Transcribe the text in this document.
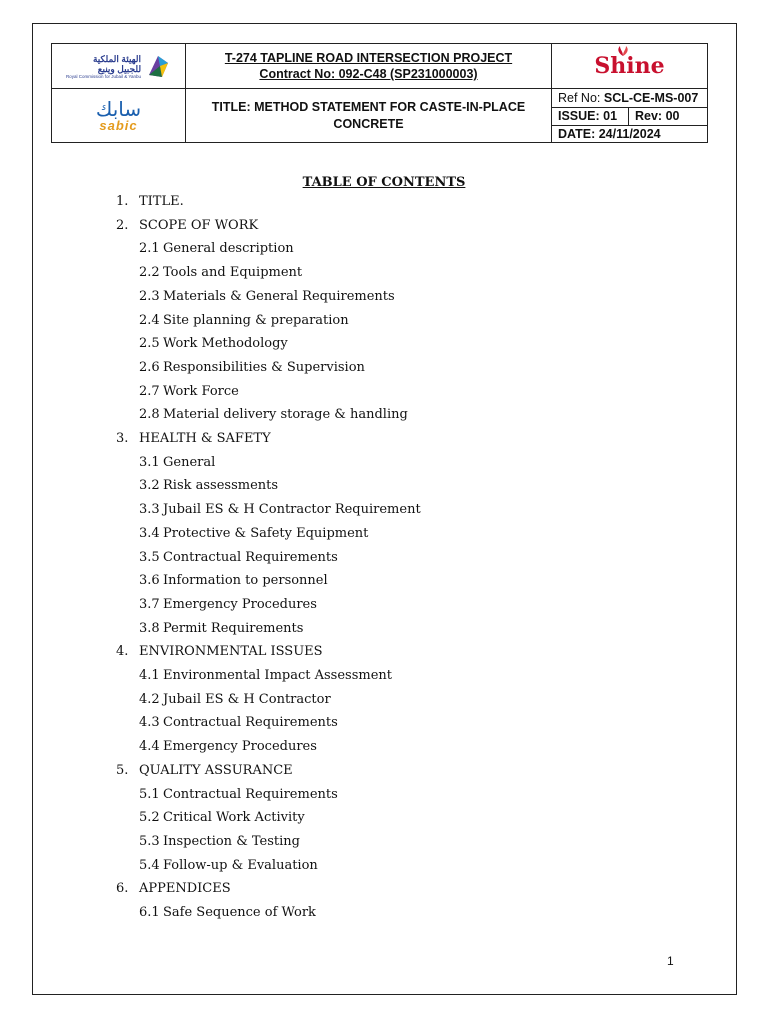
الهيئة الملكية
للجبيل وينبع
Royal Commission for Jubail & Yanbu

T-274 TAPLINE ROAD INTERSECTION PROJECT
Contract No: 092-C48 (SP231000003)	Shine

سابك
sabic
	TITLE: METHOD STATEMENT FOR CASTE-IN-PLACE CONCRETE	
Ref No: SCL-CE-MS-007
ISSUE: 01	Rev: 00
DATE: 24/11/2024
TABLE OF CONTENTS
1. TITLE.
2. SCOPE OF WORK
2.1 General description
2.2 Tools and Equipment
2.3 Materials & General Requirements
2.4 Site planning & preparation
2.5 Work Methodology
2.6 Responsibilities & Supervision
2.7 Work Force
2.8 Material delivery storage & handling
3. HEALTH & SAFETY
3.1 General
3.2 Risk assessments
3.3 Jubail ES & H Contractor Requirement
3.4 Protective & Safety Equipment
3.5 Contractual Requirements
3.6 Information to personnel
3.7 Emergency Procedures
3.8 Permit Requirements
4. ENVIRONMENTAL ISSUES
4.1 Environmental Impact Assessment
4.2 Jubail ES & H Contractor
4.3 Contractual Requirements
4.4 Emergency Procedures
5. QUALITY ASSURANCE
5.1 Contractual Requirements
5.2 Critical Work Activity
5.3 Inspection & Testing
5.4 Follow-up & Evaluation
6. APPENDICES
6.1 Safe Sequence of Work
1
